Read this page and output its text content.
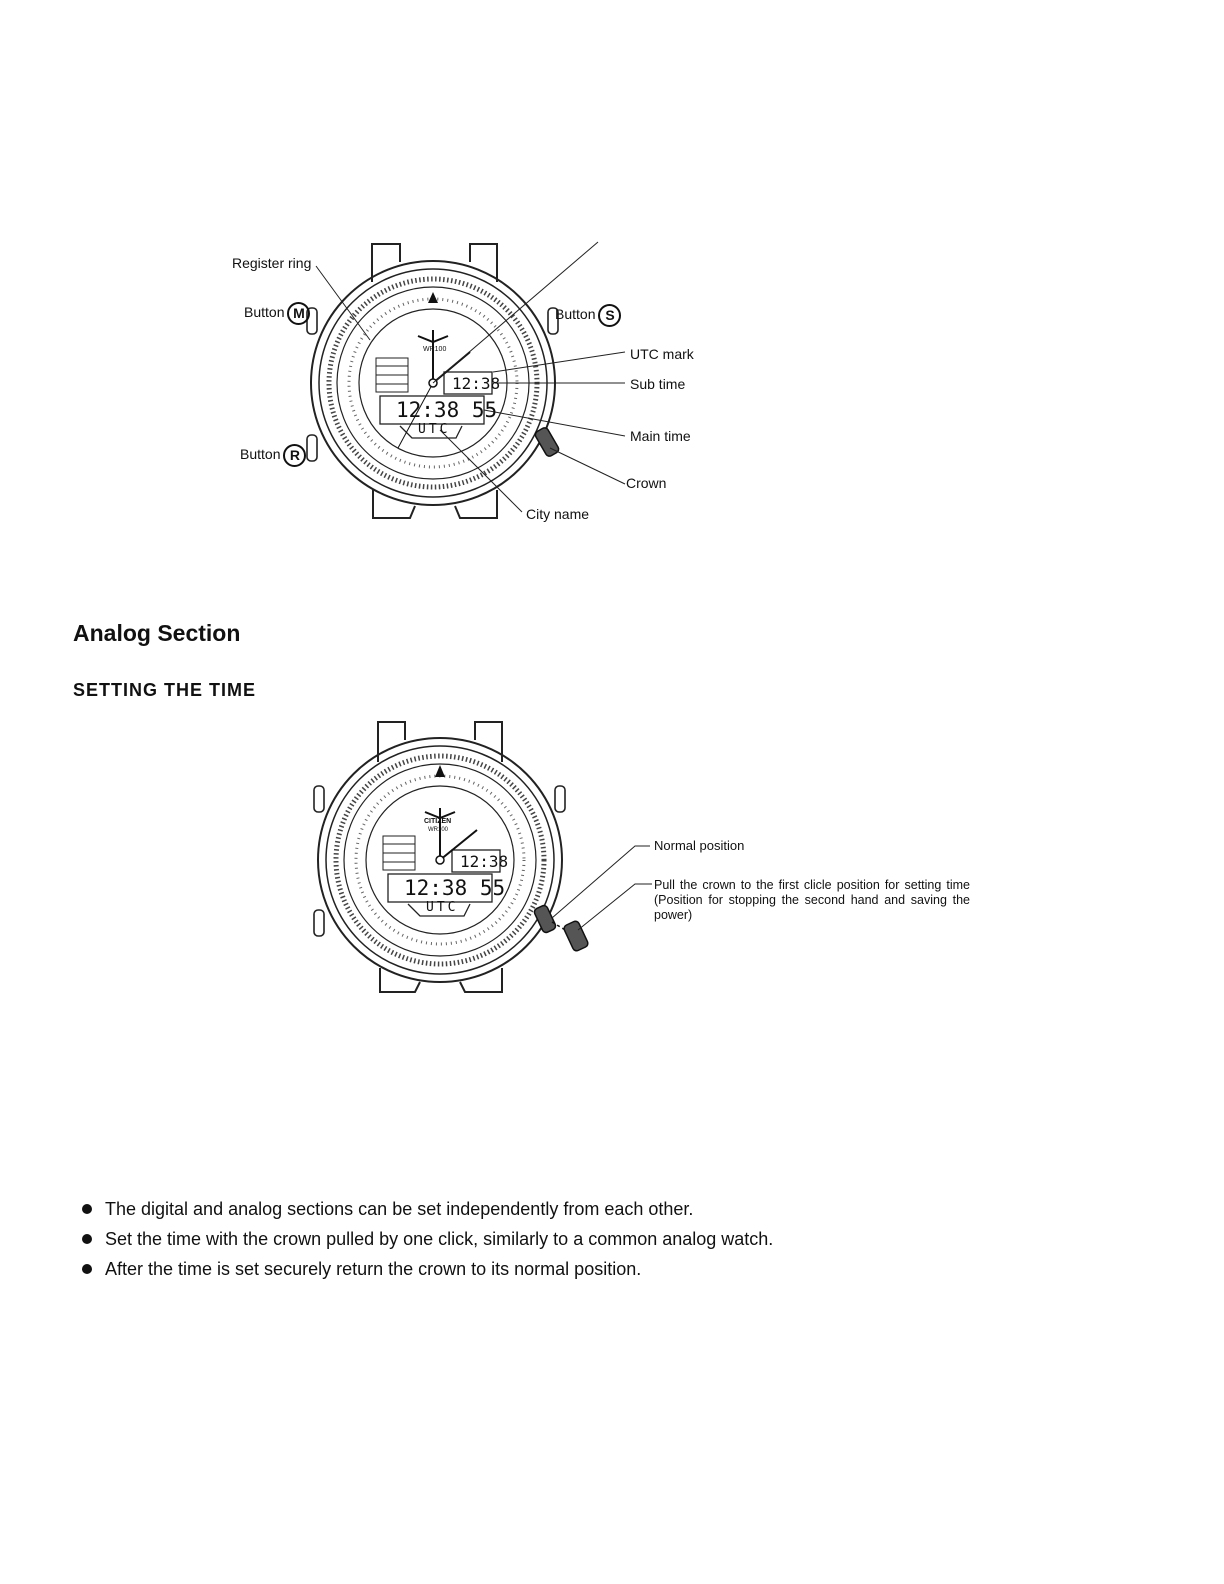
12:38
12:38 55
UTC
WR100
Register ring
Button M	Button S
Button R
UTC mark
Sub time
Main time
Crown
City name
Analog Section
SETTING THE TIME
CITIZEN
WR100
12:38
12:38 55
UTC
Normal position
Pull the crown to the first clicle position for setting time (Position for stopping the second hand and saving the power)
The digital and analog sections can be set independently from each other.
Set the time with the crown pulled by one click, similarly to a common analog watch.
After the time is set securely return the crown to its normal position.
